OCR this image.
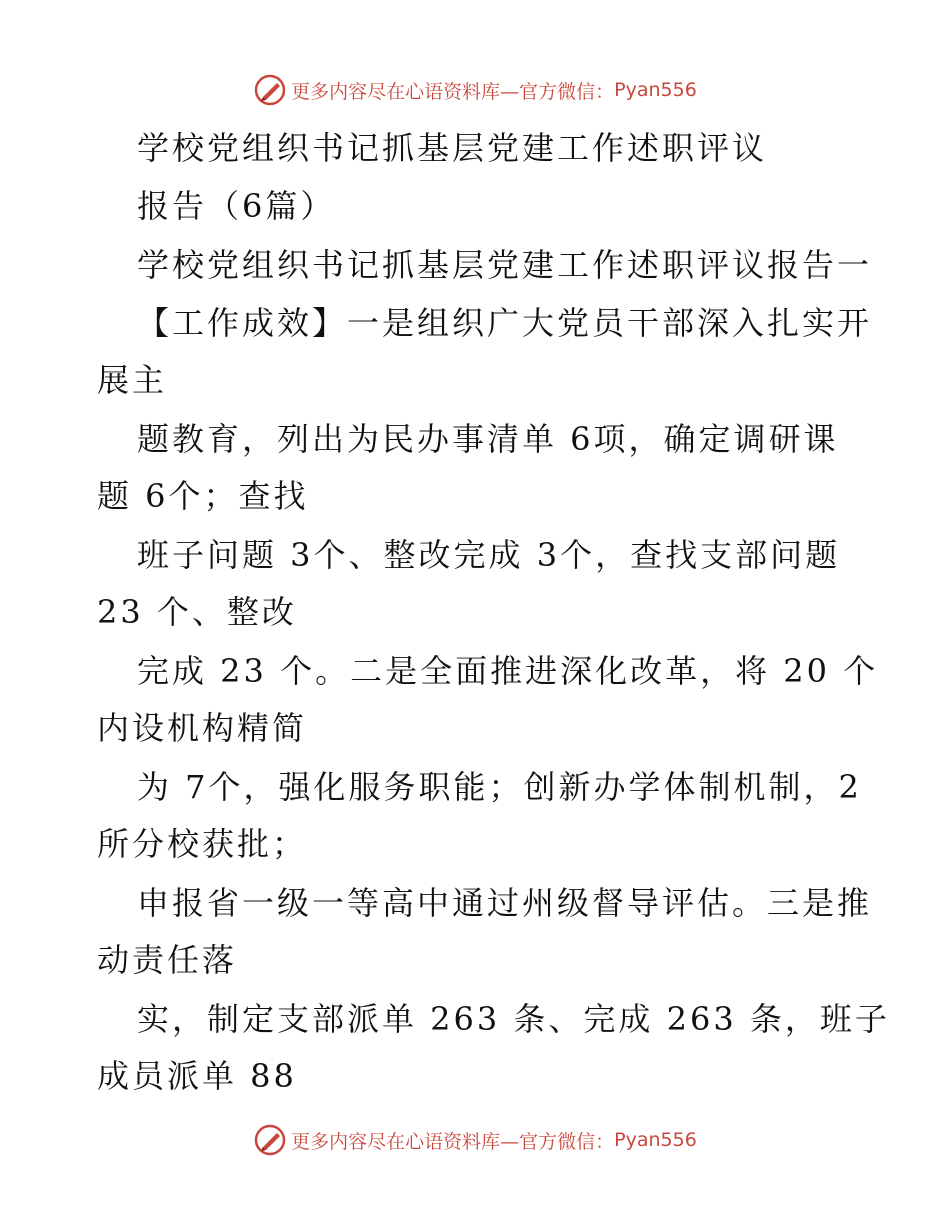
更多内容尽在心语资料库—官方微信： Pyan556
学校党组织书记抓基层党建工作述职评议
报告（6篇）
学校党组织书记抓基层党建工作述职评议报告一
【工作成效】一是组织广大党员干部深入扎实开
展主
题教育，列出为民办事清单 6项，确定调研课
题 6个；查找
班子问题 3个、整改完成 3个，查找支部问题
23 个、整改
完成 23 个。二是全面推进深化改革，将 20 个
内设机构精简
为 7个，强化服务职能；创新办学体制机制，2
所分校获批；
申报省一级一等高中通过州级督导评估。三是推
动责任落
实，制定支部派单 263 条、完成 263 条，班子
成员派单 88
更多内容尽在心语资料库—官方微信： Pyan556
